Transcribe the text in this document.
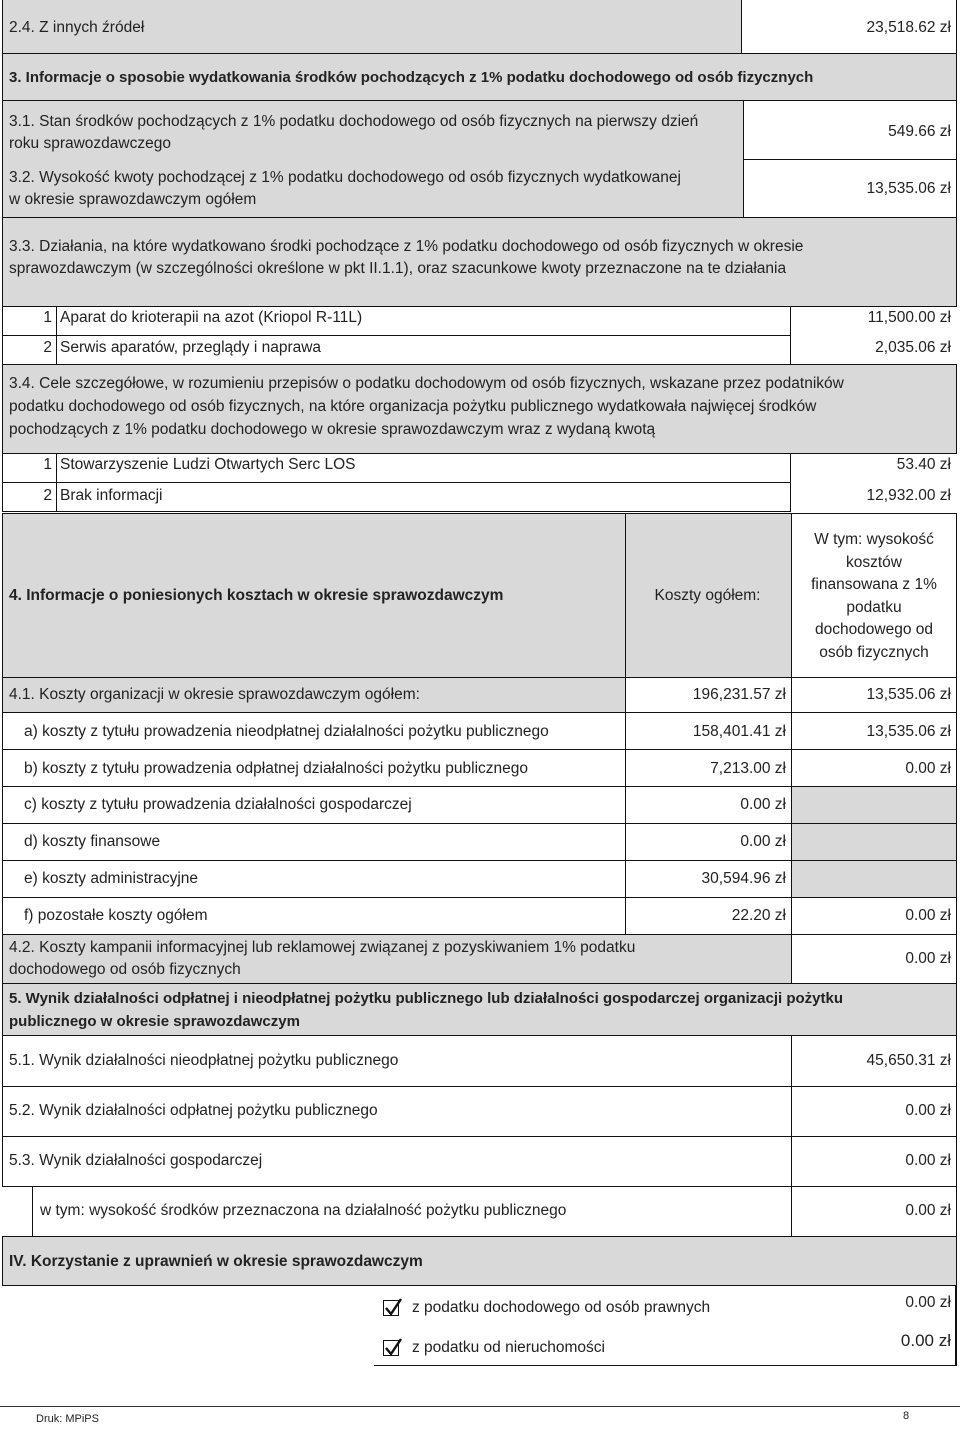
2.4. Z innych źródeł	23,518.62 zł
3. Informacje o sposobie wydatkowania środków pochodzących z 1% podatku dochodowego od osób fizycznych
3.1. Stan środków pochodzących z 1% podatku dochodowego od osób fizycznych na pierwszy dzień
roku sprawozdawczego
549.66 zł
3.2. Wysokość kwoty pochodzącej z 1% podatku dochodowego od osób fizycznych wydatkowanej
w okresie sprawozdawczym ogółem
13,535.06 zł
3.3. Działania, na które wydatkowano środki pochodzące z 1% podatku dochodowego od osób fizycznych w okresie
sprawozdawczym (w szczególności określone w pkt II.1.1), oraz szacunkowe kwoty przeznaczone na te działania
1 Aparat do krioterapii na azot (Kriopol R-11L)	11,500.00 zł
2 Serwis aparatów, przeglądy i naprawa	2,035.06 zł
3.4. Cele szczegółowe, w rozumieniu przepisów o podatku dochodowym od osób fizycznych, wskazane przez podatników
podatku dochodowego od osób fizycznych, na które organizacja pożytku publicznego wydatkowała najwięcej środków
pochodzących z 1% podatku dochodowego w okresie sprawozdawczym wraz z wydaną kwotą
1 Stowarzyszenie Ludzi Otwartych Serc LOS	53.40 zł
2 Brak informacji	12,932.00 zł
4. Informacje o poniesionych kosztach w okresie sprawozdawczym	Koszty ogółem:
W tym: wysokość
kosztów
finansowana z 1%
podatku
dochodowego od
osób fizycznych
4.1. Koszty organizacji w okresie sprawozdawczym ogółem:	196,231.57 zł	13,535.06 zł
a) koszty z tytułu prowadzenia nieodpłatnej działalności pożytku publicznego	158,401.41 zł	13,535.06 zł
b) koszty z tytułu prowadzenia odpłatnej działalności pożytku publicznego	7,213.00 zł	0.00 zł
c) koszty z tytułu prowadzenia działalności gospodarczej	0.00 zł
d) koszty finansowe	0.00 zł
e) koszty administracyjne	30,594.96 zł
f) pozostałe koszty ogółem	22.20 zł	0.00 zł
4.2. Koszty kampanii informacyjnej lub reklamowej związanej z pozyskiwaniem 1% podatku
dochodowego od osób fizycznych
0.00 zł
5. Wynik działalności odpłatnej i nieodpłatnej pożytku publicznego lub działalności gospodarczej organizacji pożytku
publicznego w okresie sprawozdawczym
5.1. Wynik działalności nieodpłatnej pożytku publicznego	45,650.31 zł
5.2. Wynik działalności odpłatnej pożytku publicznego	0.00 zł
5.3. Wynik działalności gospodarczej	0.00 zł
w tym: wysokość środków przeznaczona na działalność pożytku publicznego	0.00 zł
IV. Korzystanie z uprawnień w okresie sprawozdawczym
z podatku dochodowego od osób prawnych	0.00 zł
z podatku od nieruchomości	0.00 zł
Druk: MPiPS	8
